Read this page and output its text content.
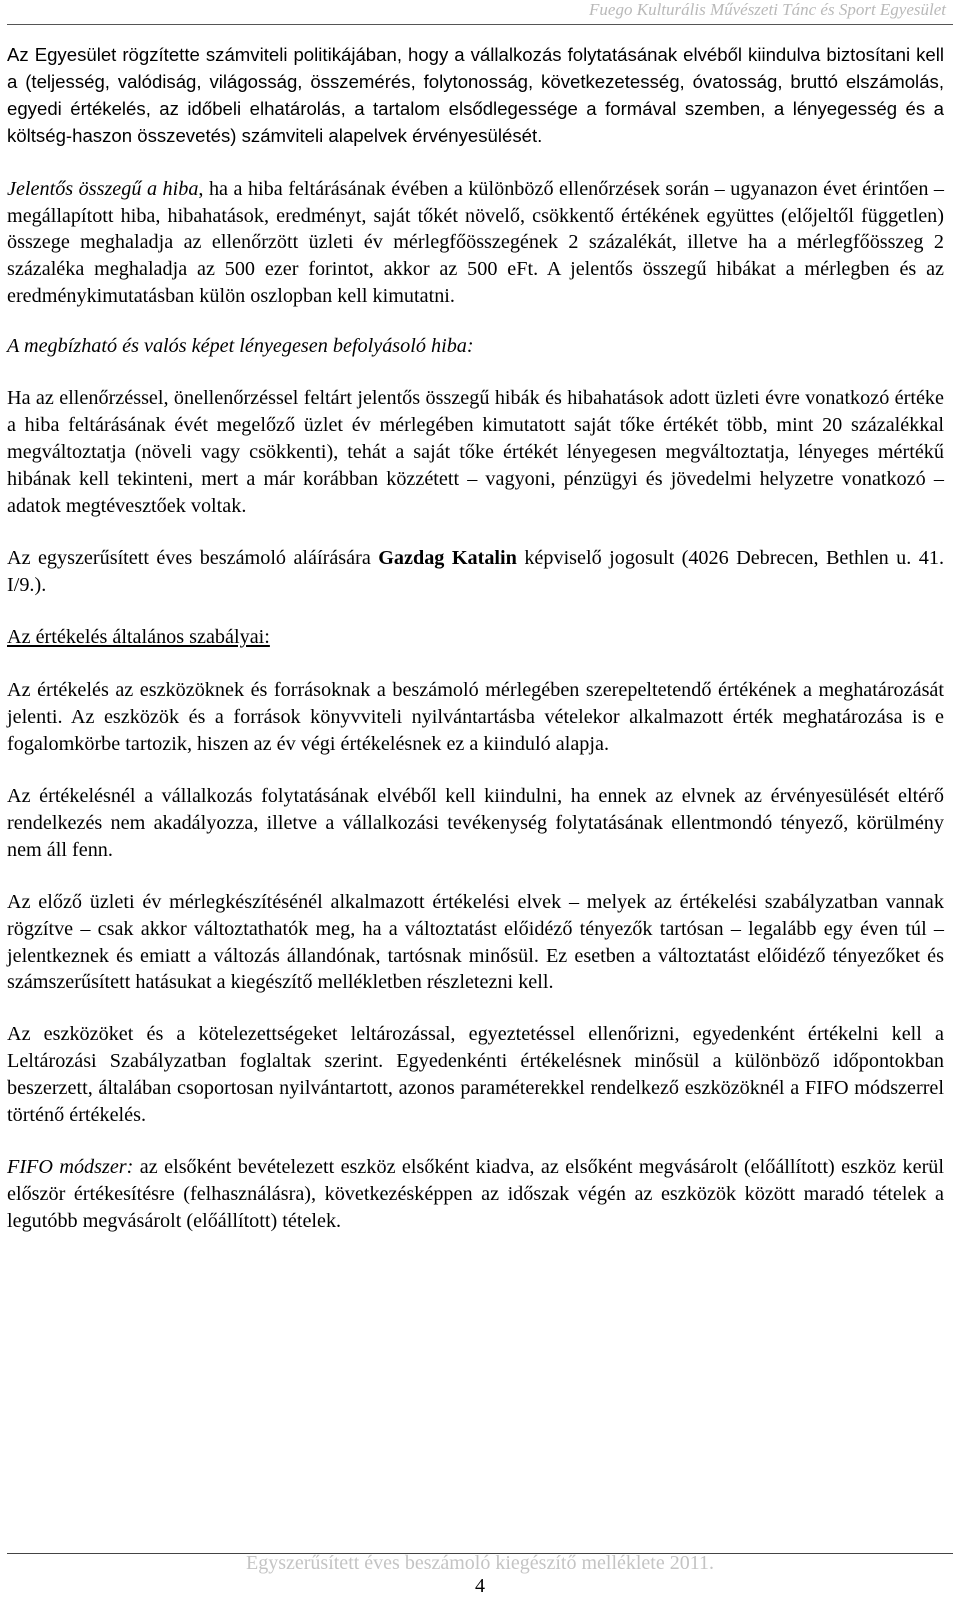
Fuego Kulturális Művészeti Tánc és Sport Egyesület

Az Egyesület rögzítette számviteli politikájában, hogy a vállalkozás folytatásának elvéből kiindulva biztosítani kell a (teljesség, valódiság, világosság, összemérés, folytonosság, következetesség, óvatosság, bruttó elszámolás, egyedi értékelés, az időbeli elhatárolás, a tartalom elsődlegessége a formával szemben, a lényegesség és a költség-haszon összevetés) számviteli alapelvek érvényesülését.

Jelentős összegű a hiba, ha a hiba feltárásának évében a különböző ellenőrzések során – ugyanazon évet érintően – megállapított hiba, hibahatások, eredményt, saját tőkét növelő, csökkentő értékének együttes (előjeltől független) összege meghaladja az ellenőrzött üzleti év mérlegfőösszegének 2 százalékát, illetve ha a mérlegfőösszeg 2 százaléka meghaladja az 500 ezer forintot, akkor az 500 eFt. A jelentős összegű hibákat a mérlegben és az eredménykimutatásban külön oszlopban kell kimutatni.

A megbízható és valós képet lényegesen befolyásoló hiba:

Ha az ellenőrzéssel, önellenőrzéssel feltárt jelentős összegű hibák és hibahatások adott üzleti évre vonatkozó értéke a hiba feltárásának évét megelőző üzlet év mérlegében kimutatott saját tőke értékét több, mint 20 százalékkal megváltoztatja (növeli vagy csökkenti), tehát a saját tőke értékét lényegesen megváltoztatja, lényeges mértékű hibának kell tekinteni, mert a már korábban közzétett – vagyoni, pénzügyi és jövedelmi helyzetre vonatkozó – adatok megtévesztőek voltak.

Az egyszerűsített éves beszámoló aláírására Gazdag Katalin képviselő jogosult (4026 Debrecen, Bethlen u. 41. I/9.).

Az értékelés általános szabályai:

Az értékelés az eszközöknek és forrásoknak a beszámoló mérlegében szerepeltetendő értékének a meghatározását jelenti. Az eszközök és a források könyvviteli nyilvántartásba vételekor alkalmazott érték meghatározása is e fogalomkörbe tartozik, hiszen az év végi értékelésnek ez a kiinduló alapja.

Az értékelésnél a vállalkozás folytatásának elvéből kell kiindulni, ha ennek az elvnek az érvényesülését eltérő rendelkezés nem akadályozza, illetve a vállalkozási tevékenység folytatásának ellentmondó tényező, körülmény nem áll fenn.

Az előző üzleti év mérlegkészítésénél alkalmazott értékelési elvek – melyek az értékelési szabályzatban vannak rögzítve – csak akkor változtathatók meg, ha a változtatást előidéző tényezők tartósan – legalább egy éven túl – jelentkeznek és emiatt a változás állandónak, tartósnak minősül. Ez esetben a változtatást előidéző tényezőket és számszerűsített hatásukat a kiegészítő mellékletben részletezni kell.

Az eszközöket és a kötelezettségeket leltározással, egyeztetéssel ellenőrizni, egyedenként értékelni kell a Leltározási Szabályzatban foglaltak szerint. Egyedenkénti értékelésnek minősül a különböző időpontokban beszerzett, általában csoportosan nyilvántartott, azonos paraméterekkel rendelkező eszközöknél a FIFO módszerrel történő értékelés.

FIFO módszer: az elsőként bevételezett eszköz elsőként kiadva, az elsőként megvásárolt (előállított) eszköz kerül először értékesítésre (felhasználásra), következésképpen az időszak végén az eszközök között maradó tételek a legutóbb megvásárolt (előállított) tételek.

Egyszerűsített éves beszámoló kiegészítő melléklete 2011.
4
